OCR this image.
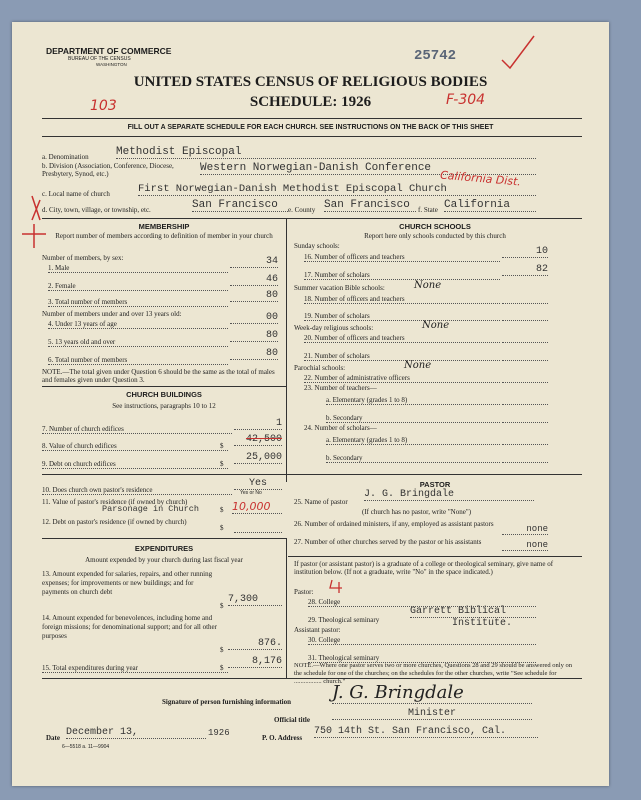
DEPARTMENT OF COMMERCE
BUREAU OF THE CENSUS
WASHINGTON
25742
UNITED STATES CENSUS OF RELIGIOUS BODIES
SCHEDULE: 1926
103	F-304
FILL OUT A SEPARATE SCHEDULE FOR EACH CHURCH. SEE INSTRUCTIONS ON THE BACK OF THIS SHEET
a. Denomination Methodist Episcopal
b. Division (Association, Conference, Diocese, Presbytery, Synod, etc.)	Western Norwegian-Danish Conference
California Dist.
c. Local name of church	First Norwegian-Danish Methodist Episcopal Church
d. City, town, village, or township, etc.	San Francisco	e. County San Francisco	f. State California
MEMBERSHIP
Report number of members according to definition of member in your church
Number of members, by sex:
1. Male
34
2. Female
46
3. Total number of members
80
Number of members under and over 13 years old:
4. Under 13 years of age
00
5. 13 years old and over
80
6. Total number of members
80
NOTE.—The total given under Question 6 should be the same as the total of males and females given under Question 3.
CHURCH BUILDINGS
See instructions, paragraphs 10 to 12
7. Number of church edifices	1
8. Value of church edifices	$
42,500
9. Debt on church edifices	$
25,000
10. Does church own pastor's residence
Yes
Yes or No
11. Value of pastor's residence (if owned by church)
Parsonage in Church	$ 10,000
12. Debt on pastor's residence (if owned by church)
$
EXPENDITURES
Amount expended by your church during last fiscal year
13. Amount expended for salaries, repairs, and other running expenses; for improvements or new buildings; and for payments on church debt
$
7,300
14. Amount expended for benevolences, including home and foreign missions; for denominational support; and for all other purposes
$
876.
15. Total expenditures during year	$
8,176
CHURCH SCHOOLS
Report here only schools conducted by this church
Sunday schools:
16. Number of officers and teachers	10
17. Number of scholars	82
Summer vacation Bible schools:	None
18. Number of officers and teachers
19. Number of scholars
Week-day religious schools:	None
20. Number of officers and teachers
21. Number of scholars
Parochial schools:	None
22. Number of administrative officers
23. Number of teachers—
a. Elementary (grades 1 to 8)
b. Secondary
24. Number of scholars—
a. Elementary (grades 1 to 8)
b. Secondary
PASTOR
25. Name of pastor
J. G. Bringdale
(If church has no pastor, write "None")
26. Number of ordained ministers, if any, employed as assistant pastors	none
27. Number of other churches served by the pastor or his assistants	none
If pastor (or assistant pastor) is a graduate of a college or theological seminary, give name of institution below. (If not a graduate, write "No" in the space indicated.)
Pastor:
28. College
29. Theological seminary
Garrett Biblical
Institute.
Assistant pastor:
30. College
31. Theological seminary
NOTE.—Where one pastor serves two or more churches, Questions 28 and 29 should be answered only on the schedule for one of the churches; on the schedules for the other churches, write "See schedule for ................. church."
Signature of person furnishing information J. G. Bringdale
Official title
Minister
Date December 13,	1926	P. O. Address
750 14th St. San Francisco, Cal.
6—5518 a. 11—9904
